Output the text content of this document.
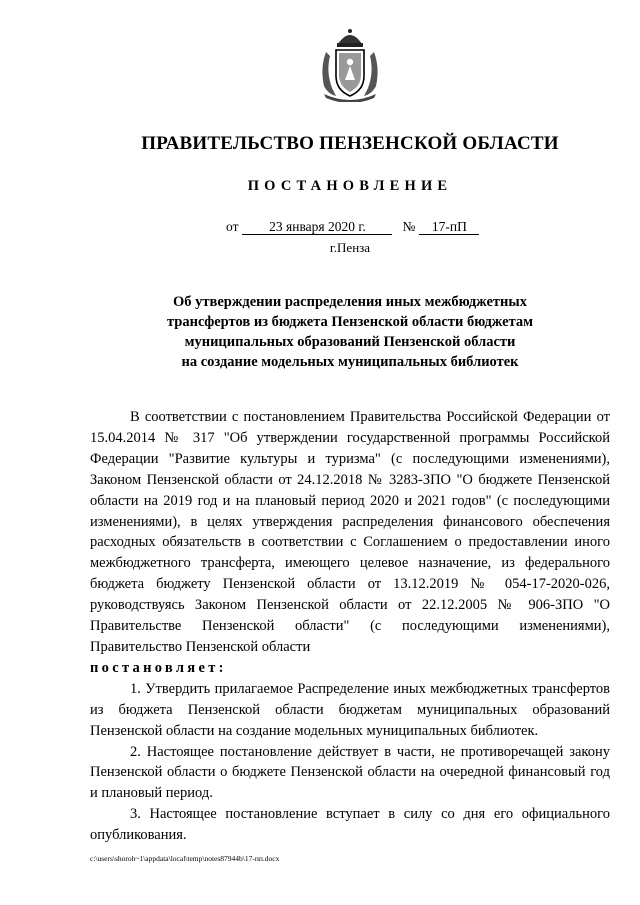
ПРАВИТЕЛЬСТВО ПЕНЗЕНСКОЙ ОБЛАСТИ
ПОСТАНОВЛЕНИЕ
от 23 января 2020 г.	№ 17-пП
г.Пенза
Об утверждении распределения иных межбюджетных
трансфертов из бюджета Пензенской области бюджетам
муниципальных образований Пензенской области
на создание модельных муниципальных библиотек

В соответствии с постановлением Правительства Российской Федерации от 15.04.2014 № 317 "Об утверждении государственной программы Российской Федерации "Развитие культуры и туризма" (с последующими изменениями), Законом Пензенской области от 24.12.2018 № 3283-ЗПО "О бюджете Пензенской области на 2019 год и на плановый период 2020 и 2021 годов" (с последующими изменениями), в целях утверждения распределения финансового обеспечения расходных обязательств в соответствии с Соглашением о предоставлении иного межбюджетного трансферта, имеющего целевое назначение, из федерального бюджета бюджету Пензенской области от 13.12.2019 № 054-17-2020-026, руководствуясь Законом Пензенской области от 22.12.2005 № 906-ЗПО "О Правительстве Пензенской области" (с последующими изменениями), Правительство Пензенской области

постановляет:

1. Утвердить прилагаемое Распределение иных межбюджетных трансфертов из бюджета Пензенской области бюджетам муниципальных образований Пензенской области на создание модельных муниципальных библиотек.

2. Настоящее постановление действует в части, не противоречащей закону Пензенской области о бюджете Пензенской области на очередной финансовый год и плановый период.

3. Настоящее постановление вступает в силу со дня его официального опубликования.

c:\users\shoroh~1\appdata\local\temp\notes87944b\17-пп.docx
